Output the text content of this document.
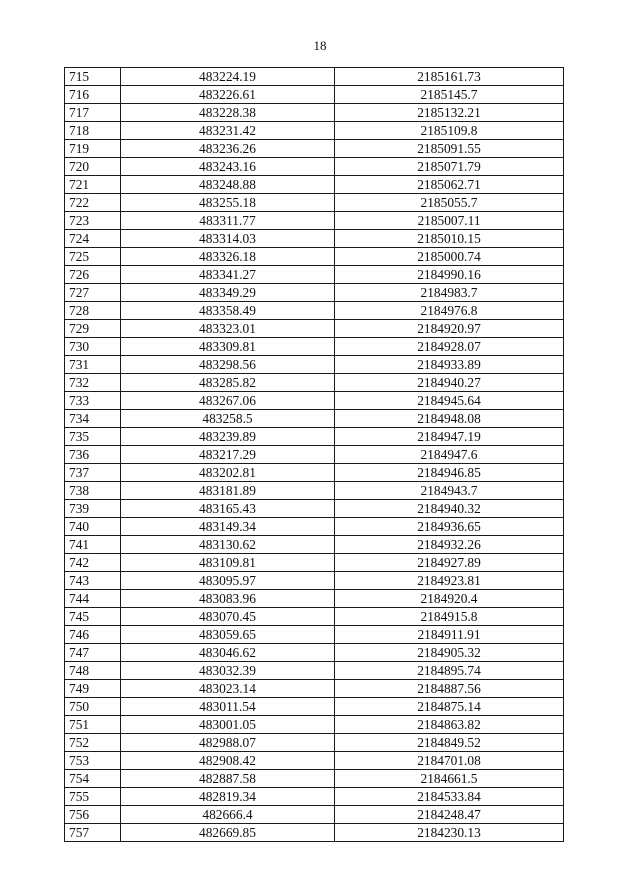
18
715	483224.19	2185161.73
716	483226.61	2185145.7
717	483228.38	2185132.21
718	483231.42	2185109.8
719	483236.26	2185091.55
720	483243.16	2185071.79
721	483248.88	2185062.71
722	483255.18	2185055.7
723	483311.77	2185007.11
724	483314.03	2185010.15
725	483326.18	2185000.74
726	483341.27	2184990.16
727	483349.29	2184983.7
728	483358.49	2184976.8
729	483323.01	2184920.97
730	483309.81	2184928.07
731	483298.56	2184933.89
732	483285.82	2184940.27
733	483267.06	2184945.64
734	483258.5	2184948.08
735	483239.89	2184947.19
736	483217.29	2184947.6
737	483202.81	2184946.85
738	483181.89	2184943.7
739	483165.43	2184940.32
740	483149.34	2184936.65
741	483130.62	2184932.26
742	483109.81	2184927.89
743	483095.97	2184923.81
744	483083.96	2184920.4
745	483070.45	2184915.8
746	483059.65	2184911.91
747	483046.62	2184905.32
748	483032.39	2184895.74
749	483023.14	2184887.56
750	483011.54	2184875.14
751	483001.05	2184863.82
752	482988.07	2184849.52
753	482908.42	2184701.08
754	482887.58	2184661.5
755	482819.34	2184533.84
756	482666.4	2184248.47
757	482669.85	2184230.13
